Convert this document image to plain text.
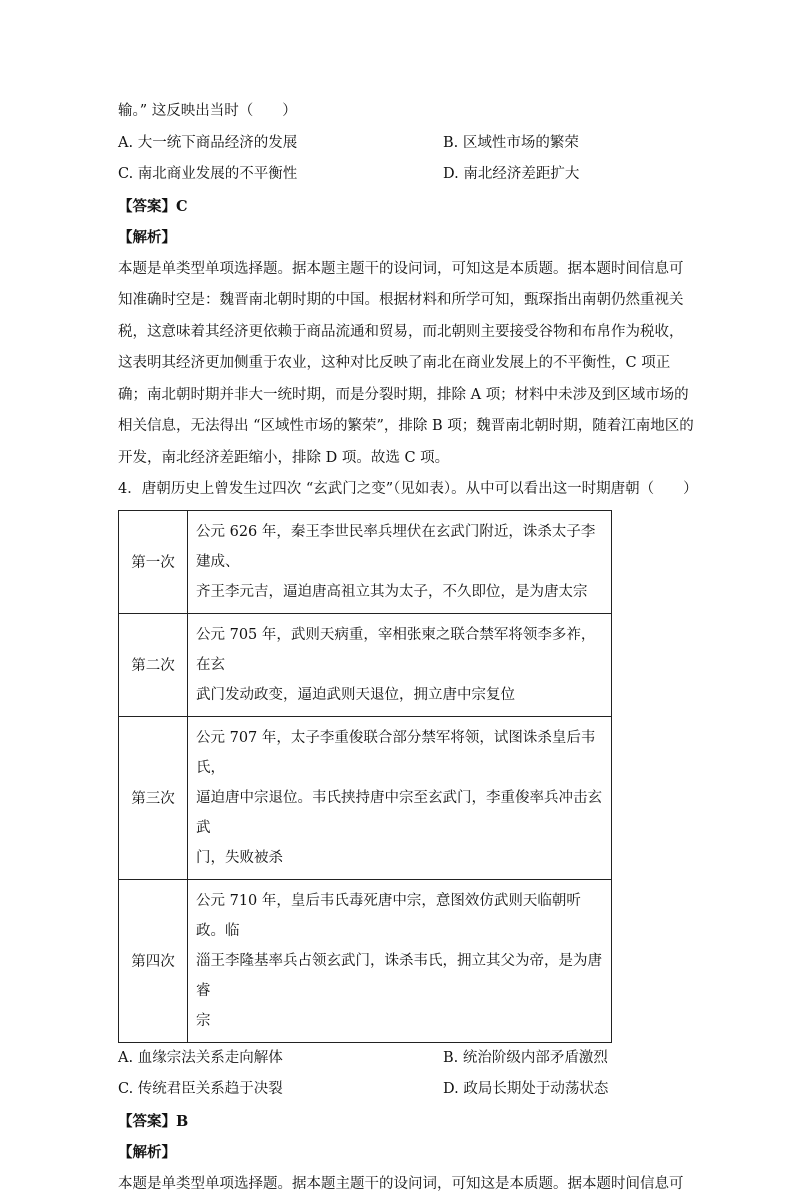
输。” 这反映出当时（　　）
A. 大一统下商品经济的发展	B. 区域性市场的繁荣
C. 南北商业发展的不平衡性	D. 南北经济差距扩大
【答案】C
【解析】
本题是单类型单项选择题。据本题主题干的设问词，可知这是本质题。据本题时间信息可
知准确时空是：魏晋南北朝时期的中国。根据材料和所学可知，甄琛指出南朝仍然重视关
税，这意味着其经济更依赖于商品流通和贸易，而北朝则主要接受谷物和布帛作为税收，
这表明其经济更加侧重于农业，这种对比反映了南北在商业发展上的不平衡性，C 项正
确；南北朝时期并非大一统时期，而是分裂时期，排除 A 项；材料中未涉及到区域市场的
相关信息，无法得出 “区域性市场的繁荣”，排除 B 项；魏晋南北朝时期，随着江南地区的
开发，南北经济差距缩小，排除 D 项。故选 C 项。
4．唐朝历史上曾发生过四次 “玄武门之变”（见如表）。从中可以看出这一时期唐朝（　　）
第一次	公元 626 年，秦王李世民率兵埋伏在玄武门附近，诛杀太子李建成、
齐王李元吉，逼迫唐高祖立其为太子，不久即位，是为唐太宗

第二次	公元 705 年，武则天病重，宰相张柬之联合禁军将领李多祚，在玄
武门发动政变，逼迫武则天退位，拥立唐中宗复位

第三次	公元 707 年，太子李重俊联合部分禁军将领，试图诛杀皇后韦氏，
逼迫唐中宗退位。韦氏挟持唐中宗至玄武门，李重俊率兵冲击玄武
门，失败被杀

第四次	公元 710 年，皇后韦氏毒死唐中宗，意图效仿武则天临朝听政。临
淄王李隆基率兵占领玄武门，诛杀韦氏，拥立其父为帝，是为唐睿
宗
A. 血缘宗法关系走向解体	B. 统治阶级内部矛盾激烈
C. 传统君臣关系趋于决裂	D. 政局长期处于动荡状态
【答案】B
【解析】
本题是单类型单项选择题。据本题主题干的设问词，可知这是本质题。据本题时间信息可
